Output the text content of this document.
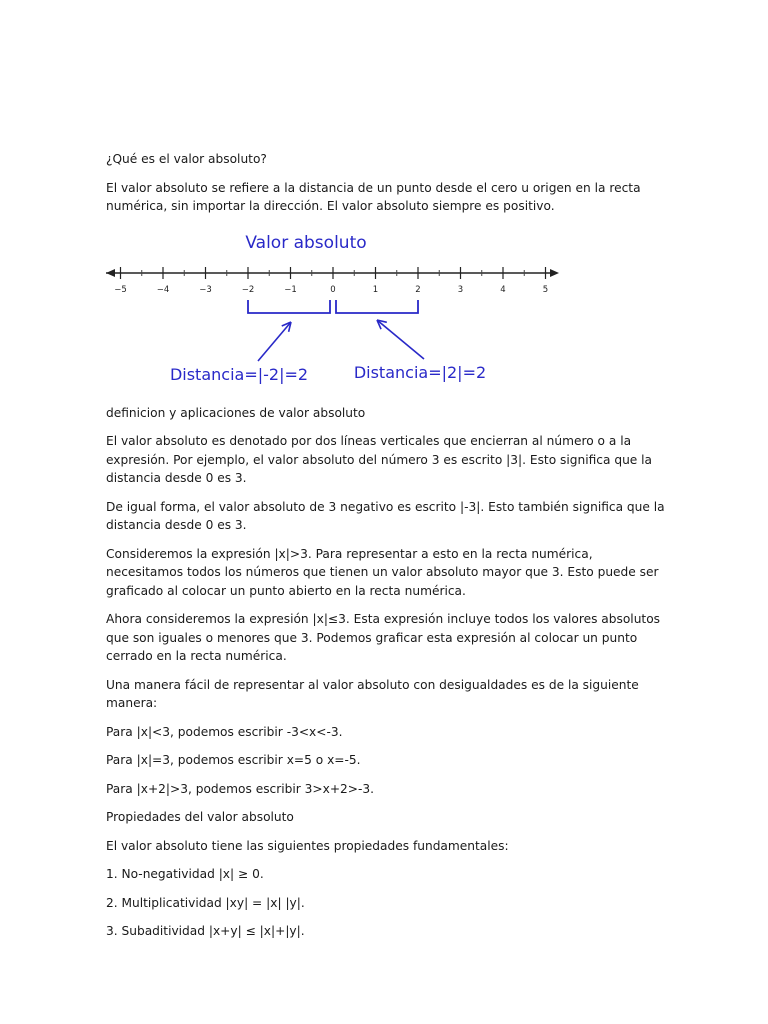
¿Qué es el valor absoluto?

El valor absoluto se refiere a la distancia de un punto desde el cero u origen en la recta numérica, sin importar la dirección. El valor absoluto siempre es positivo.

Valor absoluto
−5	−4	−3	−2	−1	0	1	2	3	4	5
Distancia=|-2|=2	Distancia=|2|=2

definicion y aplicaciones de valor absoluto

El valor absoluto es denotado por dos líneas verticales que encierran al número o a la expresión. Por ejemplo, el valor absoluto del número 3 es escrito |3|. Esto significa que la distancia desde 0 es 3.

De igual forma, el valor absoluto de 3 negativo es escrito |-3|. Esto también significa que la distancia desde 0 es 3.

Consideremos la expresión |x|>3. Para representar a esto en la recta numérica, necesitamos todos los números que tienen un valor absoluto mayor que 3. Esto puede ser graficado al colocar un punto abierto en la recta numérica.

Ahora consideremos la expresión |x|≤3. Esta expresión incluye todos los valores absolutos que son iguales o menores que 3. Podemos graficar esta expresión al colocar un punto cerrado en la recta numérica.

Una manera fácil de representar al valor absoluto con desigualdades es de la siguiente manera:

Para |x|<3, podemos escribir -3<x<-3.

Para |x|=3, podemos escribir x=5 o x=-5.

Para |x+2|>3, podemos escribir 3>x+2>-3.

Propiedades del valor absoluto

El valor absoluto tiene las siguientes propiedades fundamentales:

1. No-negatividad |x| ≥ 0.

2. Multiplicatividad |xy| = |x| |y|.

3. Subaditividad |x+y| ≤ |x|+|y|.
